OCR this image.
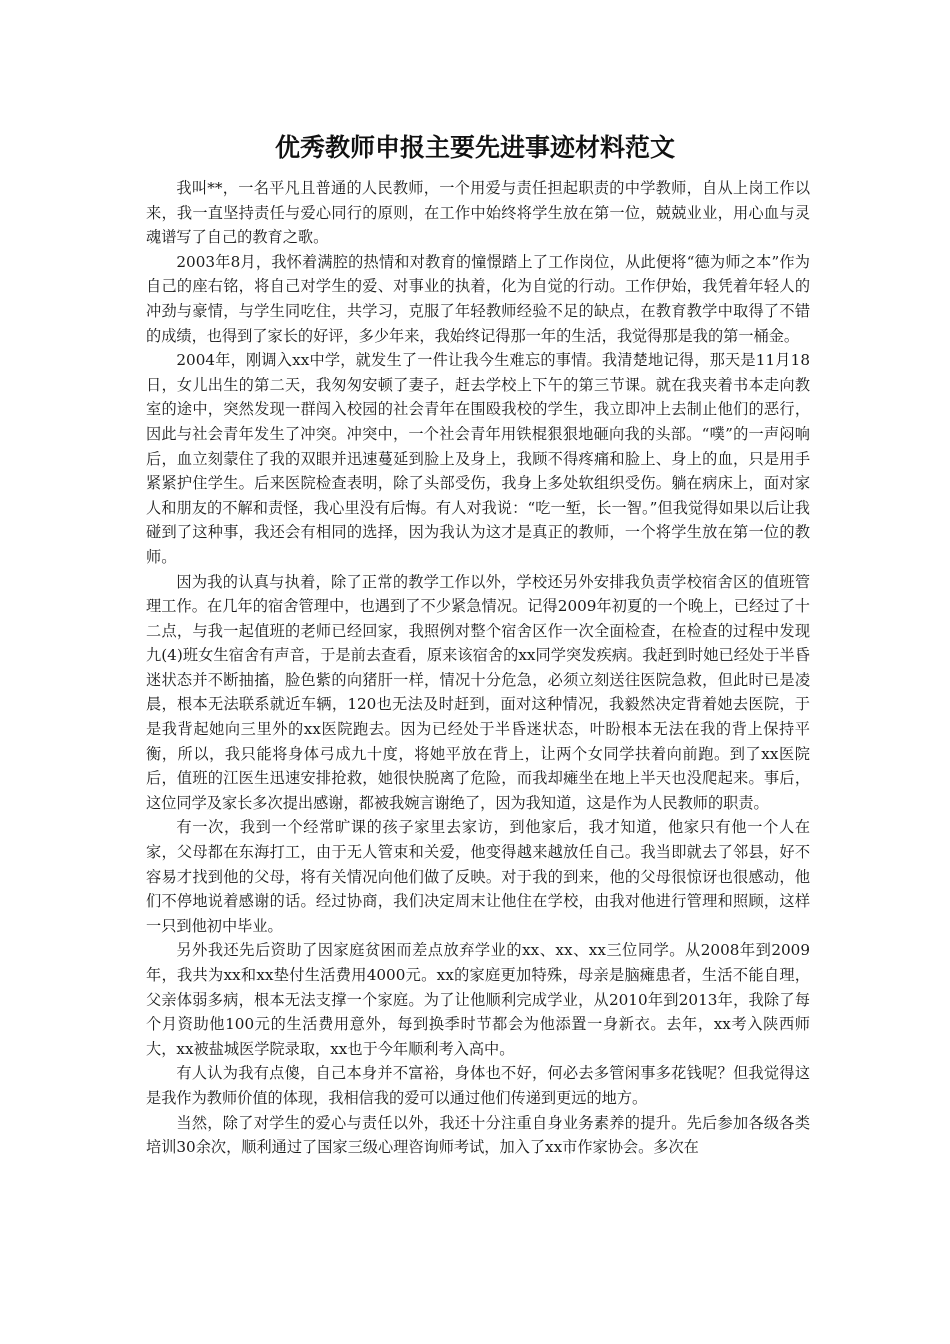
优秀教师申报主要先进事迹材料范文

我叫**，一名平凡且普通的人民教师，一个用爱与责任担起职责的中学教师，自从上岗工作以来，我一直坚持责任与爱心同行的原则，在工作中始终将学生放在第一位，兢兢业业，用心血与灵魂谱写了自己的教育之歌。

2003年8月，我怀着满腔的热情和对教育的憧憬踏上了工作岗位，从此便将“德为师之本”作为自己的座右铭，将自己对学生的爱、对事业的执着，化为自觉的行动。工作伊始，我凭着年轻人的冲劲与豪情，与学生同吃住，共学习，克服了年轻教师经验不足的缺点，在教育教学中取得了不错的成绩，也得到了家长的好评，多少年来，我始终记得那一年的生活，我觉得那是我的第一桶金。

2004年，刚调入xx中学，就发生了一件让我今生难忘的事情。我清楚地记得，那天是11月18日，女儿出生的第二天，我匆匆安顿了妻子，赶去学校上下午的第三节课。就在我夹着书本走向教室的途中，突然发现一群闯入校园的社会青年在围殴我校的学生，我立即冲上去制止他们的恶行，因此与社会青年发生了冲突。冲突中，一个社会青年用铁棍狠狠地砸向我的头部。“噗”的一声闷响后，血立刻蒙住了我的双眼并迅速蔓延到脸上及身上，我顾不得疼痛和脸上、身上的血，只是用手紧紧护住学生。后来医院检查表明，除了头部受伤，我身上多处软组织受伤。躺在病床上，面对家人和朋友的不解和责怪，我心里没有后悔。有人对我说：“吃一堑，长一智。”但我觉得如果以后让我碰到了这种事，我还会有相同的选择，因为我认为这才是真正的教师，一个将学生放在第一位的教师。

因为我的认真与执着，除了正常的教学工作以外，学校还另外安排我负责学校宿舍区的值班管理工作。在几年的宿舍管理中，也遇到了不少紧急情况。记得2009年初夏的一个晚上，已经过了十二点，与我一起值班的老师已经回家，我照例对整个宿舍区作一次全面检查，在检查的过程中发现九(4)班女生宿舍有声音，于是前去查看，原来该宿舍的xx同学突发疾病。我赶到时她已经处于半昏迷状态并不断抽搐，脸色紫的向猪肝一样，情况十分危急，必须立刻送往医院急救，但此时已是凌晨，根本无法联系就近车辆，120也无法及时赶到，面对这种情况，我毅然决定背着她去医院，于是我背起她向三里外的xx医院跑去。因为已经处于半昏迷状态，叶盼根本无法在我的背上保持平衡，所以，我只能将身体弓成九十度，将她平放在背上，让两个女同学扶着向前跑。到了xx医院后，值班的江医生迅速安排抢救，她很快脱离了危险，而我却瘫坐在地上半天也没爬起来。事后，这位同学及家长多次提出感谢，都被我婉言谢绝了，因为我知道，这是作为人民教师的职责。

有一次，我到一个经常旷课的孩子家里去家访，到他家后，我才知道，他家只有他一个人在家，父母都在东海打工，由于无人管束和关爱，他变得越来越放任自己。我当即就去了邻县，好不容易才找到他的父母，将有关情况向他们做了反映。对于我的到来，他的父母很惊讶也很感动，他们不停地说着感谢的话。经过协商，我们决定周末让他住在学校，由我对他进行管理和照顾，这样一只到他初中毕业。

另外我还先后资助了因家庭贫困而差点放弃学业的xx、xx、xx三位同学。从2008年到2009年，我共为xx和xx垫付生活费用4000元。xx的家庭更加特殊，母亲是脑瘫患者，生活不能自理，父亲体弱多病，根本无法支撑一个家庭。为了让他顺利完成学业，从2010年到2013年，我除了每个月资助他100元的生活费用意外，每到换季时节都会为他添置一身新衣。去年，xx考入陕西师大，xx被盐城医学院录取，xx也于今年顺利考入高中。

有人认为我有点傻，自己本身并不富裕，身体也不好，何必去多管闲事多花钱呢？但我觉得这是我作为教师价值的体现，我相信我的爱可以通过他们传递到更远的地方。

当然，除了对学生的爱心与责任以外，我还十分注重自身业务素养的提升。先后参加各级各类培训30余次，顺利通过了国家三级心理咨询师考试，加入了xx市作家协会。多次在
